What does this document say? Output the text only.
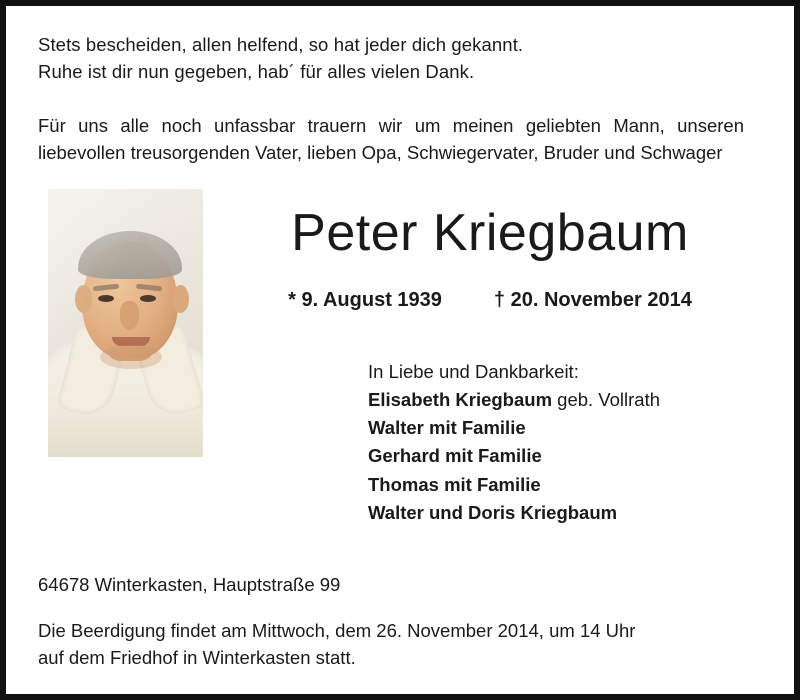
Stets bescheiden, allen helfend, so hat jeder dich gekannt.
Ruhe ist dir nun gegeben, hab´ für alles vielen Dank.
Für uns alle noch unfassbar trauern wir um meinen geliebten Mann, unseren liebevollen treusorgenden Vater, lieben Opa, Schwiegervater, Bruder und Schwager
Peter Kriegbaum
* 9. August 1939	† 20. November 2014
In Liebe und Dankbarkeit:
Elisabeth Kriegbaum geb. Vollrath
Walter mit Familie
Gerhard mit Familie
Thomas mit Familie
Walter und Doris Kriegbaum
64678 Winterkasten, Hauptstraße 99
Die Beerdigung findet am Mittwoch, dem 26. November 2014, um 14 Uhr
auf dem Friedhof in Winterkasten statt.
